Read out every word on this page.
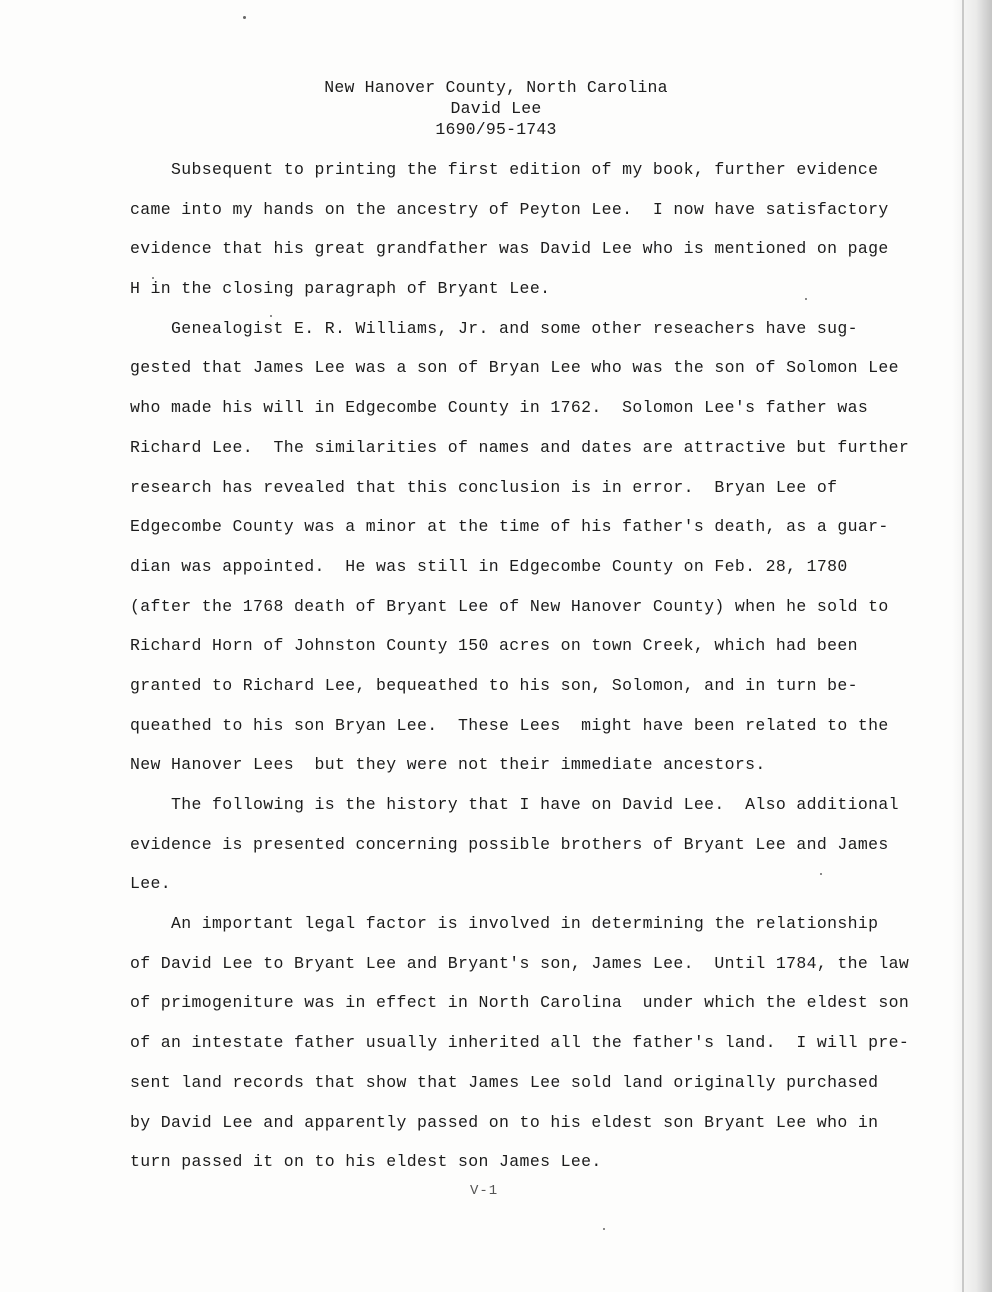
New Hanover County, North Carolina
David Lee
1690/95-1743
Subsequent to printing the first edition of my book, further evidence
came into my hands on the ancestry of Peyton Lee.  I now have satisfactory
evidence that his great grandfather was David Lee who is mentioned on page
H in the closing paragraph of Bryant Lee.
Genealogist E. R. Williams, Jr. and some other reseachers have sug-
gested that James Lee was a son of Bryan Lee who was the son of Solomon Lee
who made his will in Edgecombe County in 1762.  Solomon Lee's father was
Richard Lee.  The similarities of names and dates are attractive but further
research has revealed that this conclusion is in error.  Bryan Lee of
Edgecombe County was a minor at the time of his father's death, as a guar-
dian was appointed.  He was still in Edgecombe County on Feb. 28, 1780
(after the 1768 death of Bryant Lee of New Hanover County) when he sold to
Richard Horn of Johnston County 150 acres on town Creek, which had been
granted to Richard Lee, bequeathed to his son, Solomon, and in turn be-
queathed to his son Bryan Lee.  These Lees  might have been related to the
New Hanover Lees  but they were not their immediate ancestors.
The following is the history that I have on David Lee.  Also additional
evidence is presented concerning possible brothers of Bryant Lee and James
Lee.
An important legal factor is involved in determining the relationship
of David Lee to Bryant Lee and Bryant's son, James Lee.  Until 1784, the law
of primogeniture was in effect in North Carolina  under which the eldest son
of an intestate father usually inherited all the father's land.  I will pre-
sent land records that show that James Lee sold land originally purchased
by David Lee and apparently passed on to his eldest son Bryant Lee who in
turn passed it on to his eldest son James Lee.
V-1
